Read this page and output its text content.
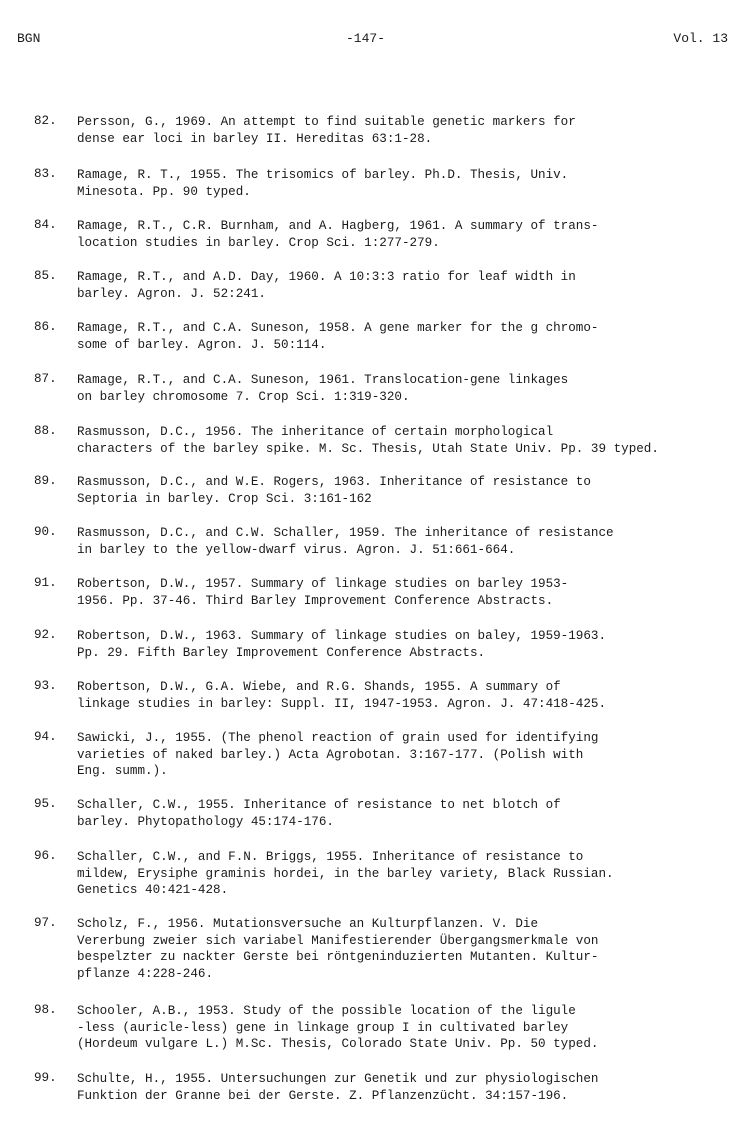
BGN	-147-	Vol. 13
82. Persson, G., 1969. An attempt to find suitable genetic markers for
dense ear loci in barley II. Hereditas 63:1-28.
83. Ramage, R. T., 1955. The trisomics of barley. Ph.D. Thesis, Univ.
Minesota. Pp. 90 typed.
84. Ramage, R.T., C.R. Burnham, and A. Hagberg, 1961. A summary of trans-
location studies in barley. Crop Sci. 1:277-279.
85. Ramage, R.T., and A.D. Day, 1960. A 10:3:3 ratio for leaf width in
barley. Agron. J. 52:241.
86. Ramage, R.T., and C.A. Suneson, 1958. A gene marker for the g chromo-
some of barley. Agron. J. 50:114.
87. Ramage, R.T., and C.A. Suneson, 1961. Translocation-gene linkages
on barley chromosome 7. Crop Sci. 1:319-320.
88. Rasmusson, D.C., 1956. The inheritance of certain morphological
characters of the barley spike. M. Sc. Thesis, Utah State Univ. Pp. 39 typed.
89. Rasmusson, D.C., and W.E. Rogers, 1963. Inheritance of resistance to
Septoria in barley. Crop Sci. 3:161-162
90. Rasmusson, D.C., and C.W. Schaller, 1959. The inheritance of resistance
in barley to the yellow-dwarf virus. Agron. J. 51:661-664.
91. Robertson, D.W., 1957. Summary of linkage studies on barley 1953-
1956. Pp. 37-46. Third Barley Improvement Conference Abstracts.
92. Robertson, D.W., 1963. Summary of linkage studies on baley, 1959-1963.
Pp. 29. Fifth Barley Improvement Conference Abstracts.
93. Robertson, D.W., G.A. Wiebe, and R.G. Shands, 1955. A summary of
linkage studies in barley: Suppl. II, 1947-1953. Agron. J. 47:418-425.
94. Sawicki, J., 1955. (The phenol reaction of grain used for identifying
varieties of naked barley.) Acta Agrobotan. 3:167-177. (Polish with
Eng. summ.).
95. Schaller, C.W., 1955. Inheritance of resistance to net blotch of
barley. Phytopathology 45:174-176.
96. Schaller, C.W., and F.N. Briggs, 1955. Inheritance of resistance to
mildew, Erysiphe graminis hordei, in the barley variety, Black Russian.
Genetics 40:421-428.
97. Scholz, F., 1956. Mutationsversuche an Kulturpflanzen. V. Die
Vererbung zweier sich variabel Manifestierender Übergangsmerkmale von
bespelzter zu nackter Gerste bei röntgeninduzierten Mutanten. Kultur-
pflanze 4:228-246.
98. Schooler, A.B., 1953. Study of the possible location of the ligule
-less (auricle-less) gene in linkage group I in cultivated barley
(Hordeum vulgare L.) M.Sc. Thesis, Colorado State Univ. Pp. 50 typed.
99. Schulte, H., 1955. Untersuchungen zur Genetik und zur physiologischen
Funktion der Granne bei der Gerste. Z. Pflanzenzücht. 34:157-196.
